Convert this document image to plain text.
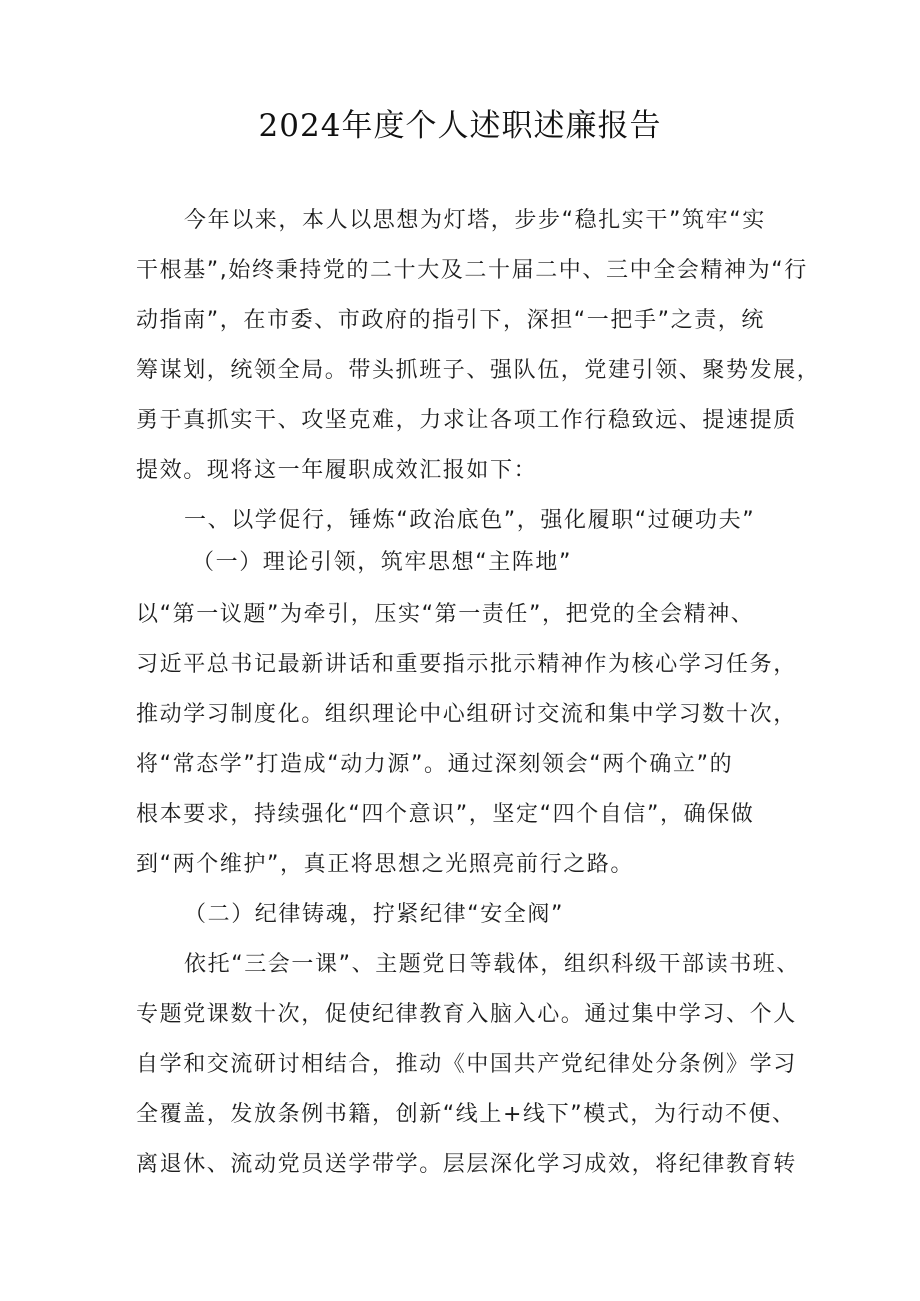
2024年度个人述职述廉报告
今年以来，本人以思想为灯塔，步步“稳扎实干”筑牢“实
干根基”,始终秉持党的二十大及二十届二中、三中全会精神为“行
动指南”，在市委、市政府的指引下，深担“一把手”之责，统
筹谋划，统领全局。带头抓班子、强队伍，党建引领、聚势发展，
勇于真抓实干、攻坚克难，力求让各项工作行稳致远、提速提质
提效。现将这一年履职成效汇报如下：
一、以学促行，锤炼“政治底色”，强化履职“过硬功夫”
（一）理论引领，筑牢思想“主阵地”
以“第一议题”为牵引，压实“第一责任”，把党的全会精神、
习近平总书记最新讲话和重要指示批示精神作为核心学习任务，
推动学习制度化。组织理论中心组研讨交流和集中学习数十次，
将“常态学”打造成“动力源”。通过深刻领会“两个确立”的
根本要求，持续强化“四个意识”，坚定“四个自信”，确保做
到“两个维护”，真正将思想之光照亮前行之路。
（二）纪律铸魂，拧紧纪律“安全阀”
依托“三会一课”、主题党日等载体，组织科级干部读书班、
专题党课数十次，促使纪律教育入脑入心。通过集中学习、个人
自学和交流研讨相结合，推动《中国共产党纪律处分条例》学习
全覆盖，发放条例书籍，创新“线上+线下”模式，为行动不便、
离退休、流动党员送学带学。层层深化学习成效，将纪律教育转
